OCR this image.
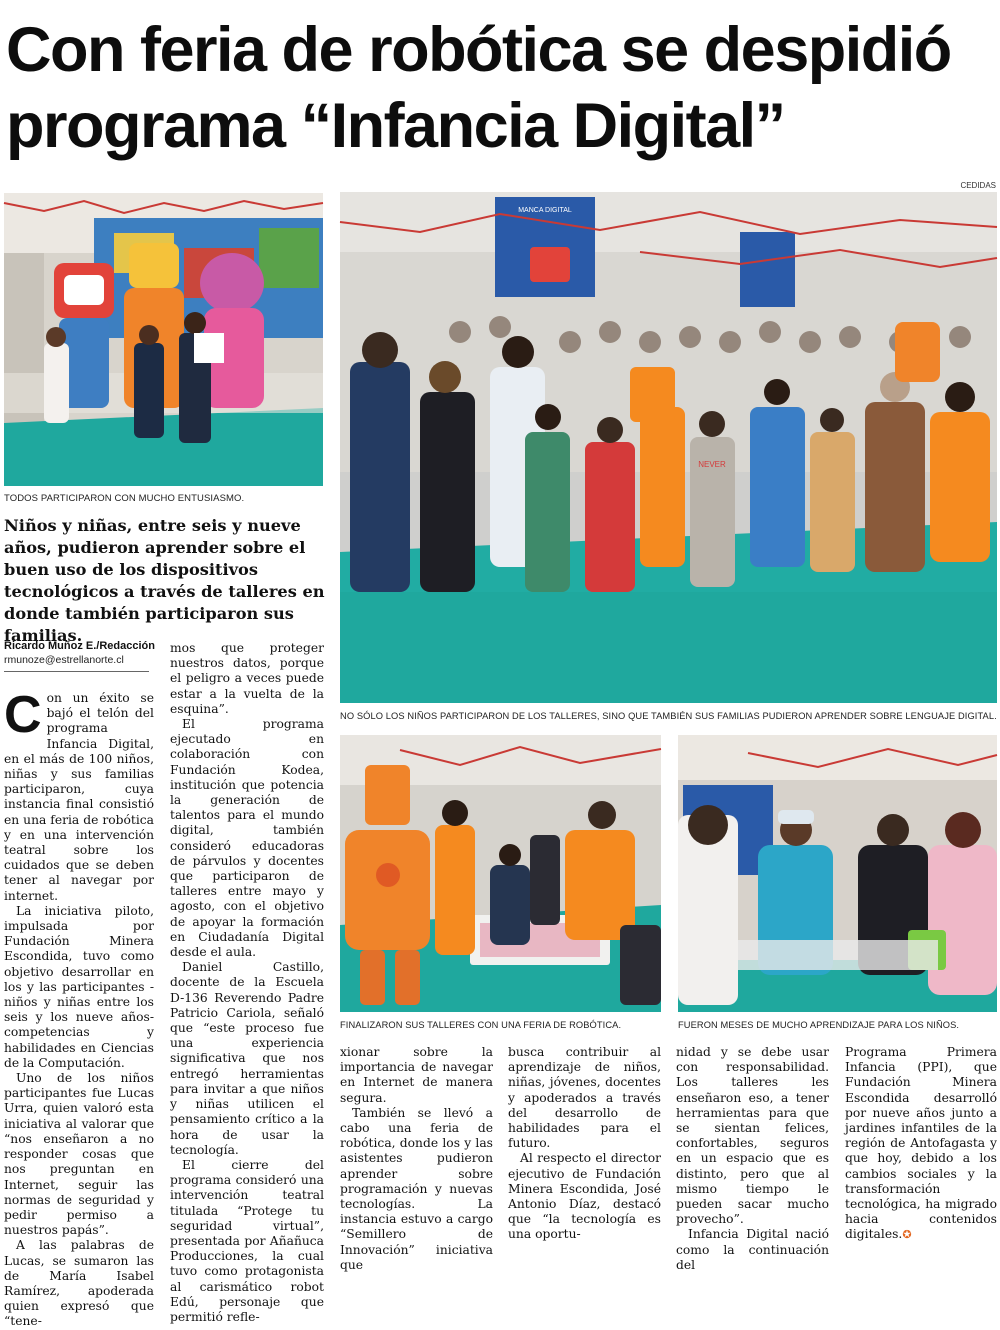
Con feria de robótica se despidió
programa “Infancia Digital”
CEDIDAS
TODOS PARTICIPARON CON MUCHO ENTUSIASMO.
MANCA DIGITAL
NEVER
NO SÓLO LOS NIÑOS PARTICIPARON DE LOS TALLERES, SINO QUE TAMBIÉN SUS FAMILIAS PUDIERON APRENDER SOBRE LENGUAJE DIGITAL.
FINALIZARON SUS TALLERES CON UNA FERIA DE ROBÓTICA.	FUERON MESES DE MUCHO APRENDIZAJE PARA LOS NIÑOS.
Niños y niñas, entre seis y nueve años, pudieron aprender sobre el buen uso de los dispositivos tecnológicos a través de talleres en donde también participaron sus familias.
Ricardo Muñoz E./Redacción
rmunoze@estrellanorte.cl

Con un éxito se bajó el telón del programa Infancia Digital, en el más de 100 niños, niñas y sus familias participaron, cuya instancia final consistió en una feria de robótica y en una intervención teatral sobre los cuidados que se deben tener al navegar por internet.

La iniciativa piloto, impulsada por Fundación Minera Escondida, tuvo como objetivo desarrollar en los y las participantes -niños y niñas entre los seis y los nueve años- competencias y habilidades en Ciencias de la Computación.

Uno de los niños participantes fue Lucas Urra, quien valoró esta iniciativa al valorar que “nos enseñaron a no responder cosas que nos preguntan en Internet, seguir las normas de seguridad y pedir permiso a nuestros papás”.

A las palabras de Lucas, se sumaron las de María Isabel Ramírez, apoderada quien expresó que “tene-

mos que proteger nuestros datos, porque el peligro a veces puede estar a la vuelta de la esquina”.

El programa ejecutado en colaboración con Fundación Kodea, institución que potencia la generación de talentos para el mundo digital, también consideró educadoras de párvulos y docentes que participaron de talleres entre mayo y agosto, con el objetivo de apoyar la formación en Ciudadanía Digital desde el aula.

Daniel Castillo, docente de la Escuela D-136 Reverendo Padre Patricio Cariola, señaló que “este proceso fue una experiencia significativa que nos entregó herramientas para invitar a que niños y niñas utilicen el pensamiento crítico a la hora de usar la tecnología.

El cierre del programa consideró una intervención teatral titulada “Protege tu seguridad virtual”, presentada por Añañuca Producciones, la cual tuvo como protagonista al carismático robot Edú, personaje que permitió refle-

xionar sobre la importancia de navegar en Internet de manera segura.

También se llevó a cabo una feria de robótica, donde los y las asistentes pudieron aprender sobre programación y nuevas tecnologías. La instancia estuvo a cargo “Semillero de Innovación” iniciativa que

busca contribuir al aprendizaje de niños, niñas, jóvenes, docentes y apoderados a través del desarrollo de habilidades para el futuro.

Al respecto el director ejecutivo de Fundación Minera Escondida, José Antonio Díaz, destacó que “la tecnología es una oportu-

nidad y se debe usar con responsabilidad. Los talleres les enseñaron eso, a tener herramientas para que se sientan felices, confortables, seguros en un espacio que es distinto, pero que al mismo tiempo le pueden sacar mucho provecho”.

Infancia Digital nació como la continuación del

Programa Primera Infancia (PPI), que Fundación Minera Escondida desarrolló por nueve años junto a jardines infantiles de la región de Antofagasta y que hoy, debido a los cambios sociales y la transformación tecnológica, ha migrado hacia contenidos digitales.✪
